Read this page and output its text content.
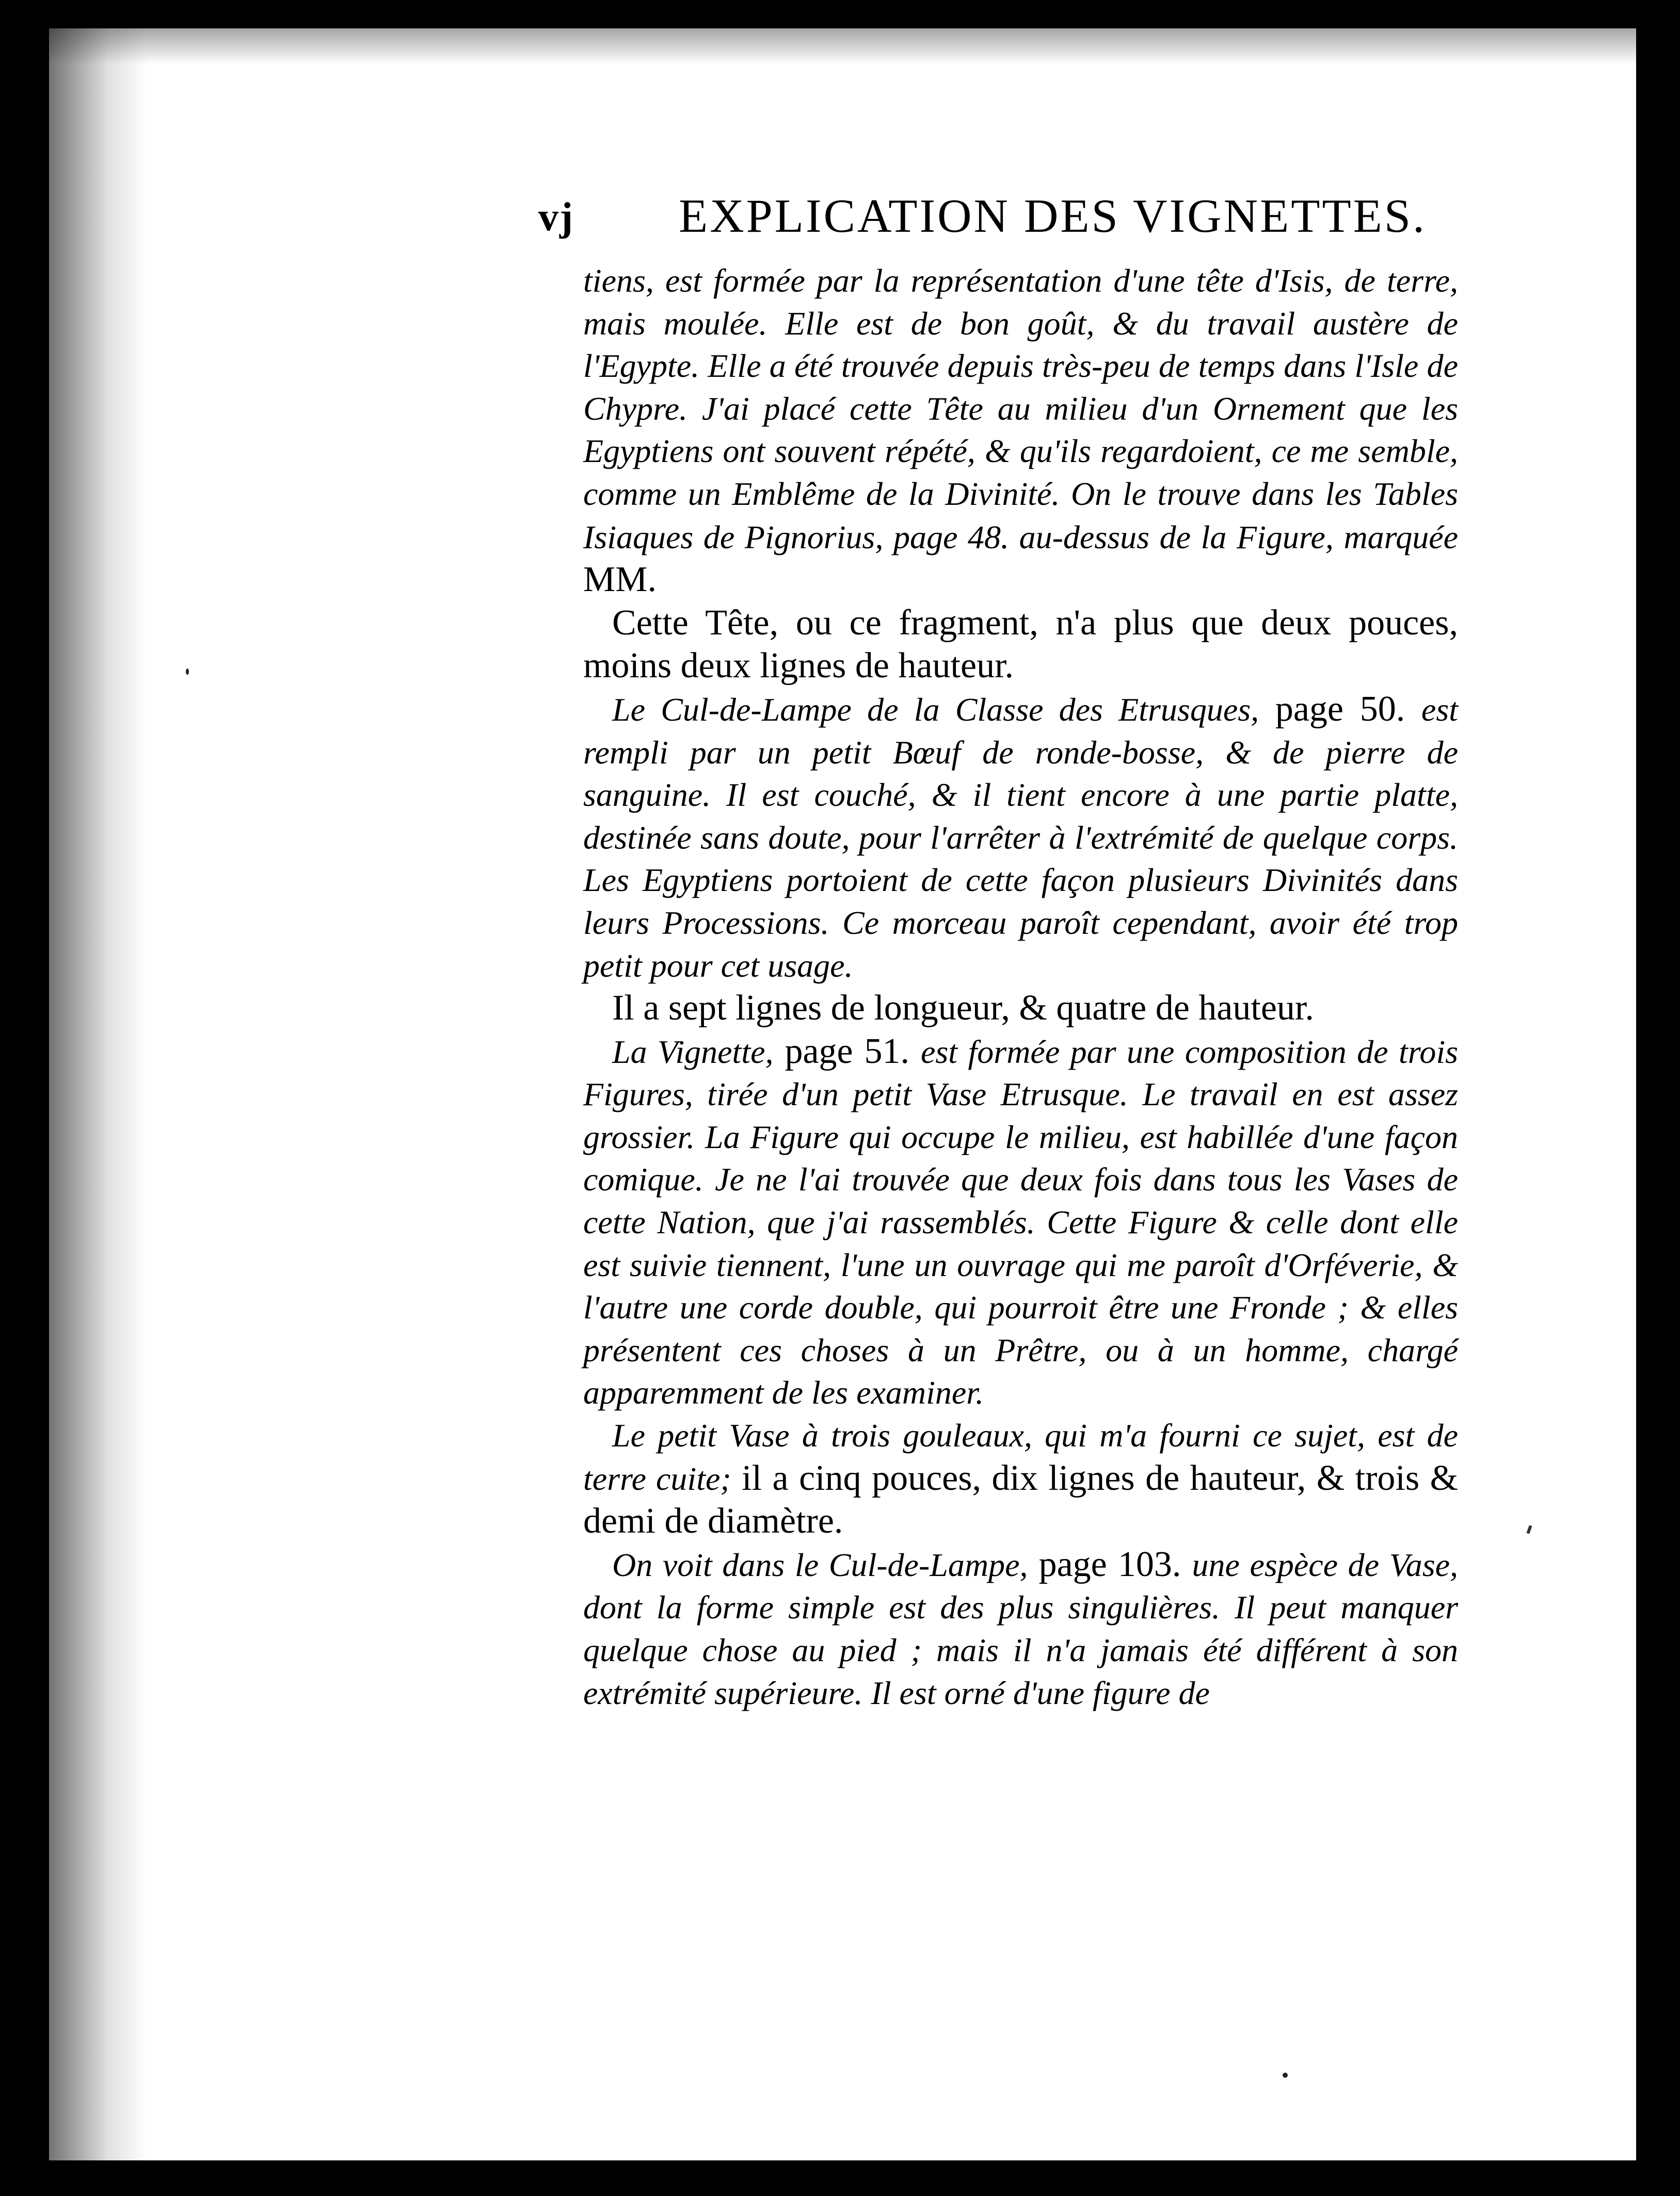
vj EXPLICATION DES VIGNETTES.

tiens, est formée par la représentation d'une tête d'Isis, de terre, mais moulée. Elle est de bon goût, & du travail austère de l'Egypte. Elle a été trouvée depuis très-peu de temps dans l'Isle de Chypre. J'ai placé cette Tête au milieu d'un Ornement que les Egyptiens ont souvent répété, & qu'ils regardoient, ce me semble, comme un Emblême de la Divinité. On le trouve dans les Tables Isiaques de Pignorius, page 48. au-dessus de la Figure, marquée MM.

Cette Tête, ou ce fragment, n'a plus que deux pouces, moins deux lignes de hauteur.

Le Cul-de-Lampe de la Classe des Etrusques, page 50. est rempli par un petit Bœuf de ronde-bosse, & de pierre de sanguine. Il est couché, & il tient encore à une partie platte, destinée sans doute, pour l'arrêter à l'extrémité de quelque corps. Les Egyptiens portoient de cette façon plusieurs Divinités dans leurs Processions. Ce morceau paroît cependant, avoir été trop petit pour cet usage.

Il a sept lignes de longueur, & quatre de hauteur.

La Vignette, page 51. est formée par une composition de trois Figures, tirée d'un petit Vase Etrusque. Le travail en est assez grossier. La Figure qui occupe le milieu, est habillée d'une façon comique. Je ne l'ai trouvée que deux fois dans tous les Vases de cette Nation, que j'ai rassemblés. Cette Figure & celle dont elle est suivie tiennent, l'une un ouvrage qui me paroît d'Orféverie, & l'autre une corde double, qui pourroit être une Fronde ; & elles présentent ces choses à un Prêtre, ou à un homme, chargé apparemment de les examiner.

Le petit Vase à trois gouleaux, qui m'a fourni ce sujet, est de terre cuite; il a cinq pouces, dix lignes de hauteur, & trois & demi de diamètre.

On voit dans le Cul-de-Lampe, page 103. une espèce de Vase, dont la forme simple est des plus singulières. Il peut manquer quelque chose au pied ; mais il n'a jamais été différent à son extrémité supérieure. Il est orné d'une figure de
